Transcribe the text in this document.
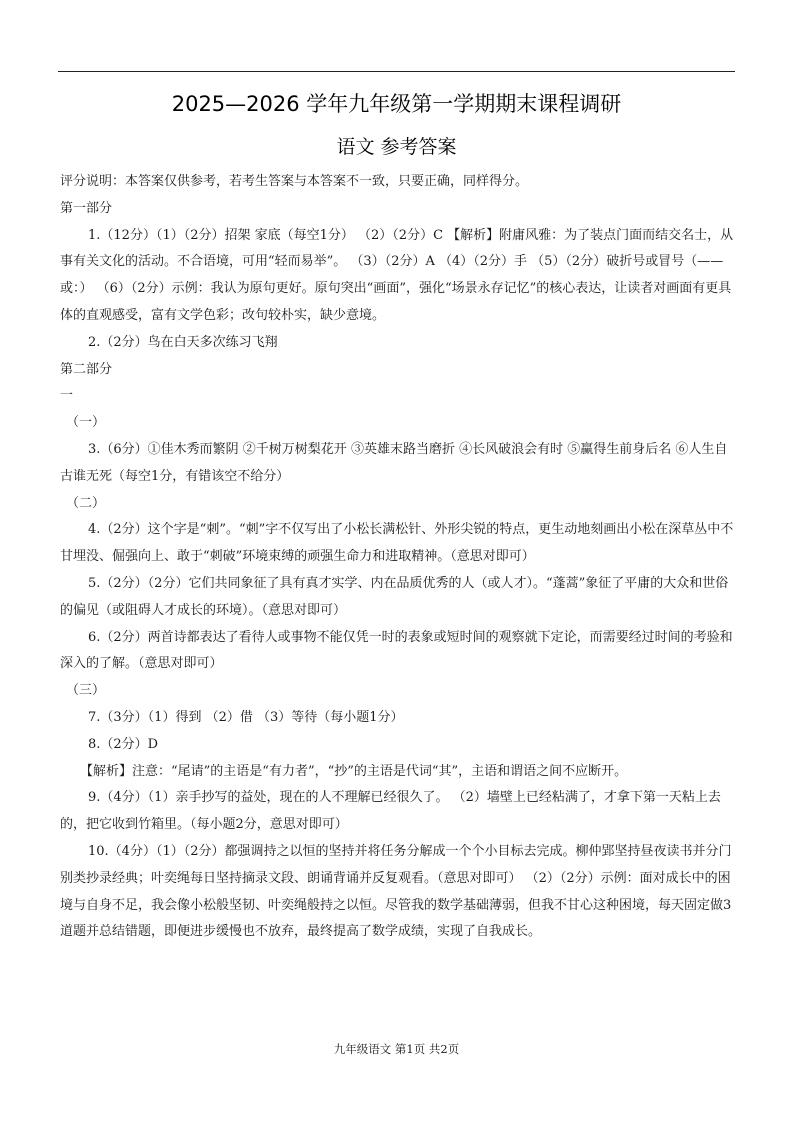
2025—2026 学年九年级第一学期期末课程调研
语文 参考答案

评分说明：本答案仅供参考，若考生答案与本答案不一致，只要正确，同样得分。

第一部分

1.（12分）（1）（2分）招架 家底（每空1分） （2）（2分）C 【解析】附庸风雅：为了装点门面而结交名士，从事有关文化的活动。不合语境，可用“轻而易举”。 （3）（2分）A （4）（2分）手 （5）（2分）破折号或冒号（——或：） （6）（2分）示例：我认为原句更好。原句突出“画面”，强化“场景永存记忆”的核心表达，让读者对画面有更具体的直观感受，富有文学色彩；改句较朴实，缺少意境。

2.（2分）鸟在白天多次练习飞翔

第二部分

一

（一）

3.（6分）①佳木秀而繁阴 ②千树万树梨花开 ③英雄末路当磨折 ④长风破浪会有时 ⑤赢得生前身后名 ⑥人生自古谁无死（每空1分，有错该空不给分）

（二）

4.（2分）这个字是“刺”。“刺”字不仅写出了小松长满松针、外形尖锐的特点，更生动地刻画出小松在深草丛中不甘埋没、倔强向上、敢于“刺破”环境束缚的顽强生命力和进取精神。（意思对即可）

5.（2分）（2分）它们共同象征了具有真才实学、内在品质优秀的人（或人才）。“蓬蒿”象征了平庸的大众和世俗的偏见（或阻碍人才成长的环境）。（意思对即可）

6.（2分）两首诗都表达了看待人或事物不能仅凭一时的表象或短时间的观察就下定论，而需要经过时间的考验和深入的了解。（意思对即可）

（三）

7.（3分）（1）得到 （2）借 （3）等待（每小题1分）

8.（2分）D

【解析】注意：“尾请”的主语是“有力者”，“抄”的主语是代词“其”，主语和谓语之间不应断开。

9.（4分）（1）亲手抄写的益处，现在的人不理解已经很久了。 （2）墙壁上已经粘满了，才拿下第一天粘上去的，把它收到竹箱里。（每小题2分，意思对即可）

10.（4分）（1）（2分）都强调持之以恒的坚持并将任务分解成一个个小目标去完成。柳仲郢坚持昼夜读书并分门别类抄录经典；叶奕绳每日坚持摘录文段、朗诵背诵并反复观看。（意思对即可） （2）（2分）示例：面对成长中的困境与自身不足，我会像小松般坚韧、叶奕绳般持之以恒。尽管我的数学基础薄弱，但我不甘心这种困境，每天固定做3道题并总结错题，即便进步缓慢也不放弃，最终提高了数学成绩，实现了自我成长。

九年级语文 第1页 共2页
